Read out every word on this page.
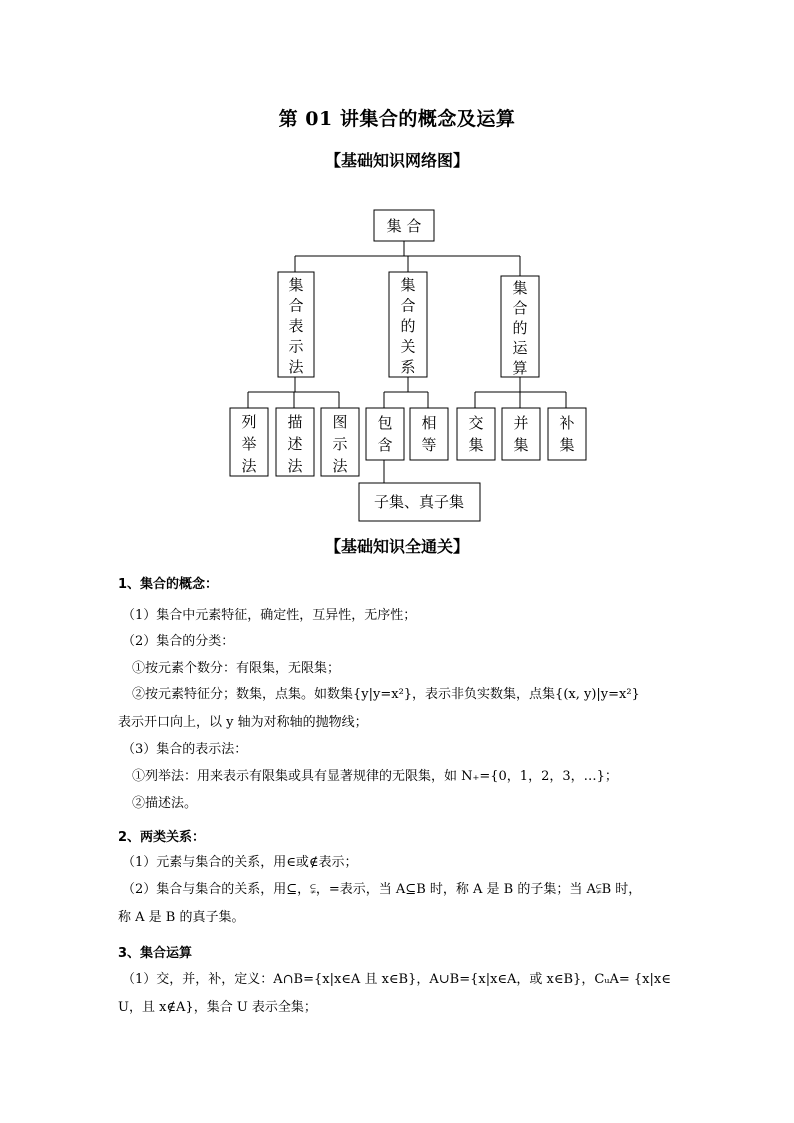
第 01 讲集合的概念及运算
【基础知识网络图】
集 合
集
合
表
示
法
集
合
的
关
系
集
合
的
运
算
列
举
法
描
述
法
图
示
法
包
含
相
等
交
集
并
集
补
集
子集、真子集
【基础知识全通关】
1、集合的概念：
（1）集合中元素特征，确定性，互异性，无序性；
（2）集合的分类：
①按元素个数分：有限集，无限集；
②按元素特征分；数集，点集。如数集{y|y=x²}，表示非负实数集，点集{(x, y)|y=x²}
表示开口向上，以 y 轴为对称轴的抛物线；
（3）集合的表示法：
①列举法：用来表示有限集或具有显著规律的无限集，如 N₊={0，1，2，3，…}；
②描述法。
2、两类关系：
（1）元素与集合的关系，用∈或∉表示；
（2）集合与集合的关系，用⊆，⫋，=表示，当 A⊆B 时，称 A 是 B 的子集；当 A⫋B 时，
称 A 是 B 的真子集。
3、集合运算
（1）交，并，补，定义：A∩B={x|x∈A 且 x∈B}，A∪B={x|x∈A，或 x∈B}，CᵤA= {x|x∈
U，且 x∉A}，集合 U 表示全集；
